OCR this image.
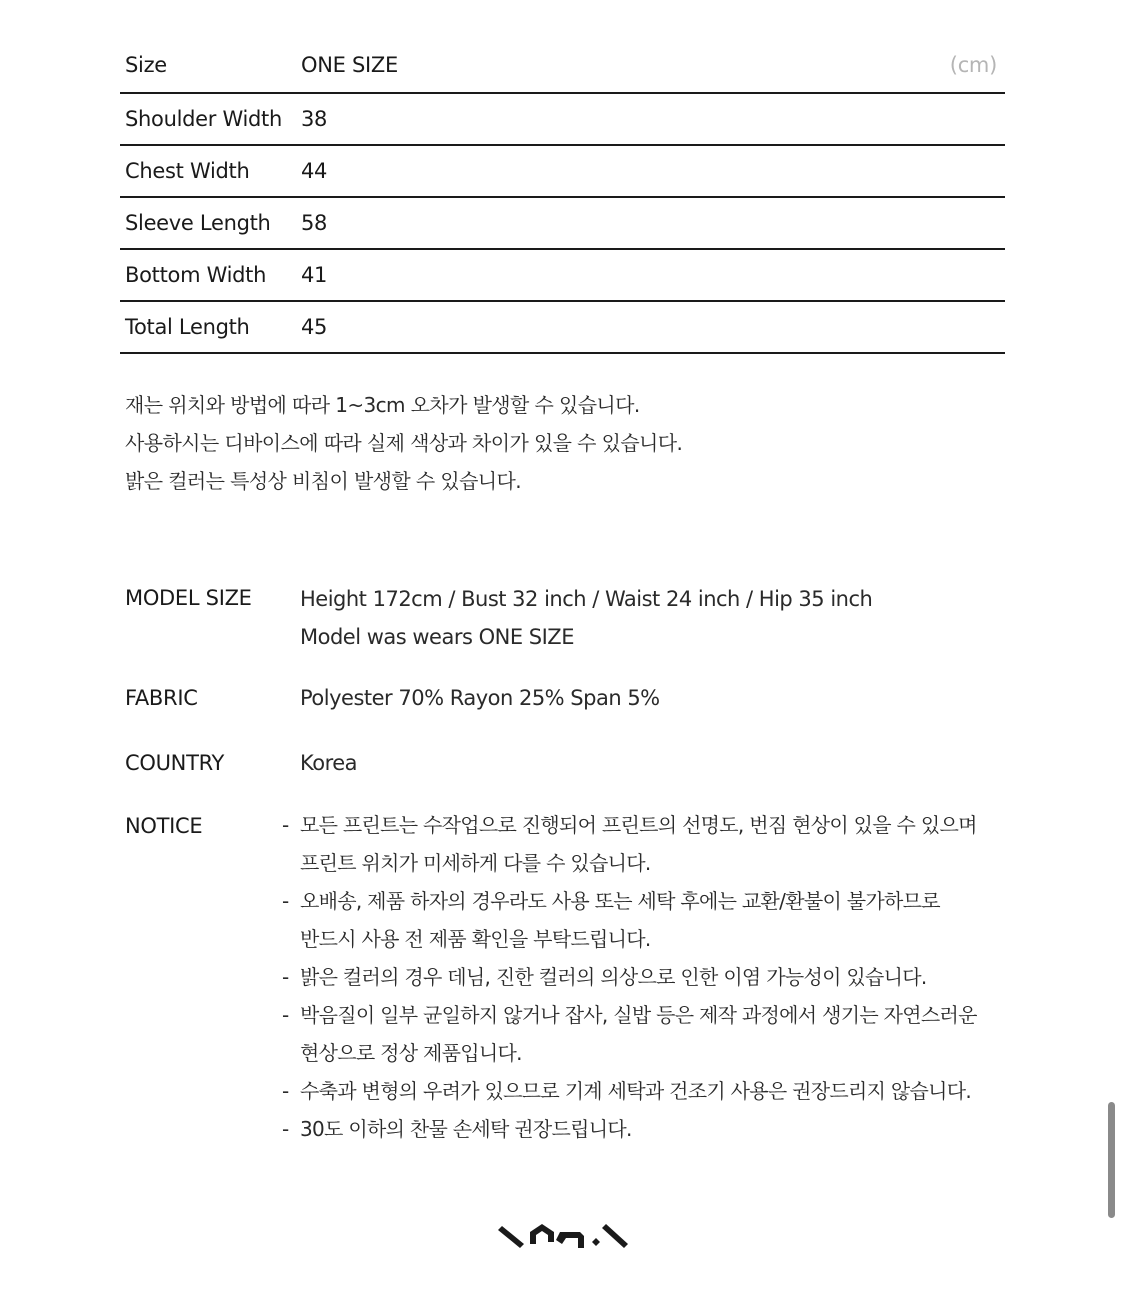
Size	ONE SIZE	(cm)
Shoulder Width 38
Chest Width	44
Sleeve Length	58
Bottom Width	41
Total Length	45
재는 위치와 방법에 따라 1~3cm 오차가 발생할 수 있습니다.
사용하시는 디바이스에 따라 실제 색상과 차이가 있을 수 있습니다.
밝은 컬러는 특성상 비침이 발생할 수 있습니다.
MODEL SIZE Height 172cm / Bust 32 inch / Waist 24 inch / Hip 35 inch
Model was wears ONE SIZE
FABRIC	Polyester 70% Rayon 25% Span 5%
COUNTRY	Korea
NOTICE	- 모든 프린트는 수작업으로 진행되어 프린트의 선명도, 번짐 현상이 있을 수 있으며
프린트 위치가 미세하게 다를 수 있습니다.
- 오배송, 제품 하자의 경우라도 사용 또는 세탁 후에는 교환/환불이 불가하므로
반드시 사용 전 제품 확인을 부탁드립니다.
- 밝은 컬러의 경우 데님, 진한 컬러의 의상으로 인한 이염 가능성이 있습니다.
- 박음질이 일부 균일하지 않거나 잡사, 실밥 등은 제작 과정에서 생기는 자연스러운
현상으로 정상 제품입니다.
- 수축과 변형의 우려가 있으므로 기계 세탁과 건조기 사용은 권장드리지 않습니다.
- 30도 이하의 찬물 손세탁 권장드립니다.
